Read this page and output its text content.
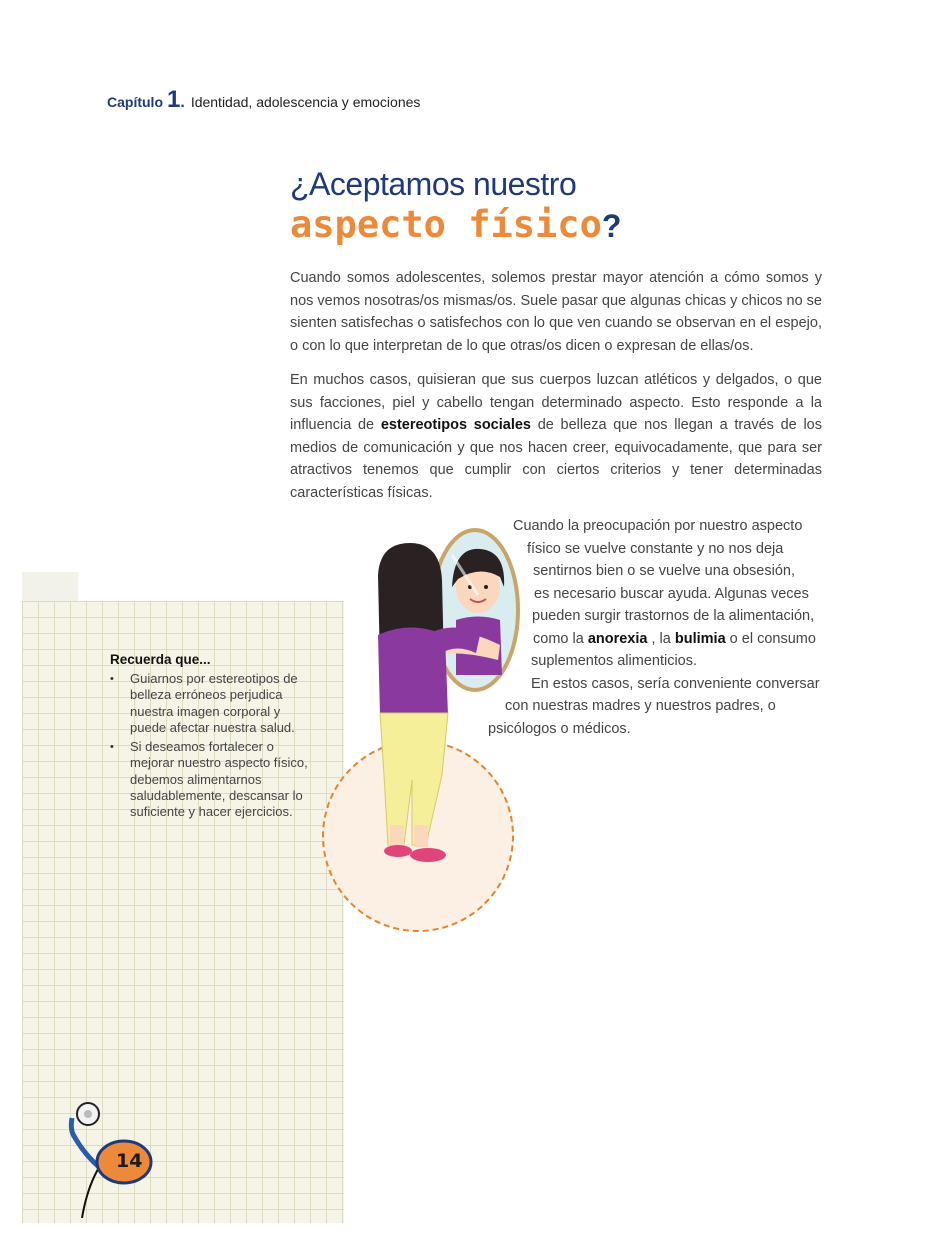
Capítulo 1 . Identidad, adolescencia y emociones
¿Aceptamos nuestro
aspecto físico?

Cuando somos adolescentes, solemos prestar mayor atención a cómo somos y nos vemos nosotras/os mismas/os. Suele pasar que algunas chicas y chicos no se sienten satisfechas o satisfechos con lo que ven cuando se observan en el espejo, o con lo que interpretan de lo que otras/os dicen o expresan de ellas/os.

En muchos casos, quisieran que sus cuerpos luzcan atléticos y delgados, o que sus facciones, piel y cabello tengan determinado aspecto. Esto responde a la influencia de estereotipos sociales de belleza que nos llegan a través de los medios de comunicación y que nos hacen creer, equivocadamente, que para ser atractivos tenemos que cumplir con ciertos criterios y tener determinadas características físicas.

Recuerda que...
• Guiarnos por estereotipos de belleza erróneos perjudica nuestra imagen corporal y puede afectar nuestra salud.
• Si deseamos fortalecer o mejorar nuestro aspecto físico, debemos alimentarnos saludablemente, descansar lo suficiente y hacer ejercicios.
Cuando la preocupación por nuestro aspecto
físico se vuelve constante y no nos deja
sentirnos bien o se vuelve una obsesión,
es necesario buscar ayuda. Algunas veces
pueden surgir trastornos de la alimentación,
como la anorexia , la bulimia o el consumo
suplementos alimenticios.
En estos casos, sería conveniente conversar
con nuestras madres y nuestros padres, o
psicólogos o médicos.
14
